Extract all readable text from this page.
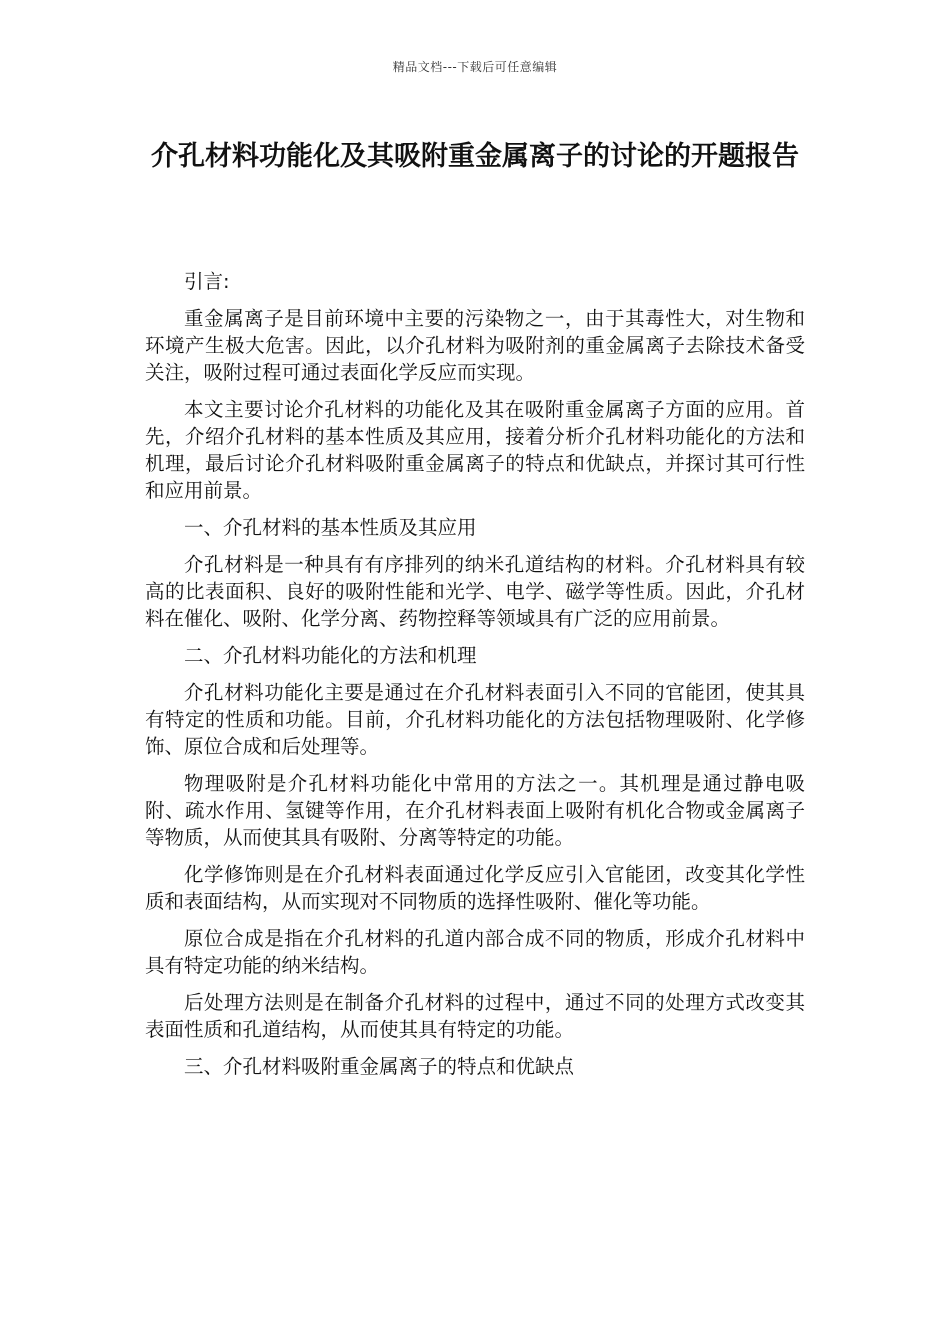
精品文档---下载后可任意编辑
介孔材料功能化及其吸附重金属离子的讨论的开题报告

引言:

重金属离子是目前环境中主要的污染物之一，由于其毒性大，对生物和环境产生极大危害。因此，以介孔材料为吸附剂的重金属离子去除技术备受关注，吸附过程可通过表面化学反应而实现。

本文主要讨论介孔材料的功能化及其在吸附重金属离子方面的应用。首先，介绍介孔材料的基本性质及其应用，接着分析介孔材料功能化的方法和机理，最后讨论介孔材料吸附重金属离子的特点和优缺点，并探讨其可行性和应用前景。

一、介孔材料的基本性质及其应用

介孔材料是一种具有有序排列的纳米孔道结构的材料。介孔材料具有较高的比表面积、良好的吸附性能和光学、电学、磁学等性质。因此，介孔材料在催化、吸附、化学分离、药物控释等领域具有广泛的应用前景。

二、介孔材料功能化的方法和机理

介孔材料功能化主要是通过在介孔材料表面引入不同的官能团，使其具有特定的性质和功能。目前，介孔材料功能化的方法包括物理吸附、化学修饰、原位合成和后处理等。

物理吸附是介孔材料功能化中常用的方法之一。其机理是通过静电吸附、疏水作用、氢键等作用，在介孔材料表面上吸附有机化合物或金属离子等物质，从而使其具有吸附、分离等特定的功能。

化学修饰则是在介孔材料表面通过化学反应引入官能团，改变其化学性质和表面结构，从而实现对不同物质的选择性吸附、催化等功能。

原位合成是指在介孔材料的孔道内部合成不同的物质，形成介孔材料中具有特定功能的纳米结构。

后处理方法则是在制备介孔材料的过程中，通过不同的处理方式改变其表面性质和孔道结构，从而使其具有特定的功能。

三、介孔材料吸附重金属离子的特点和优缺点
